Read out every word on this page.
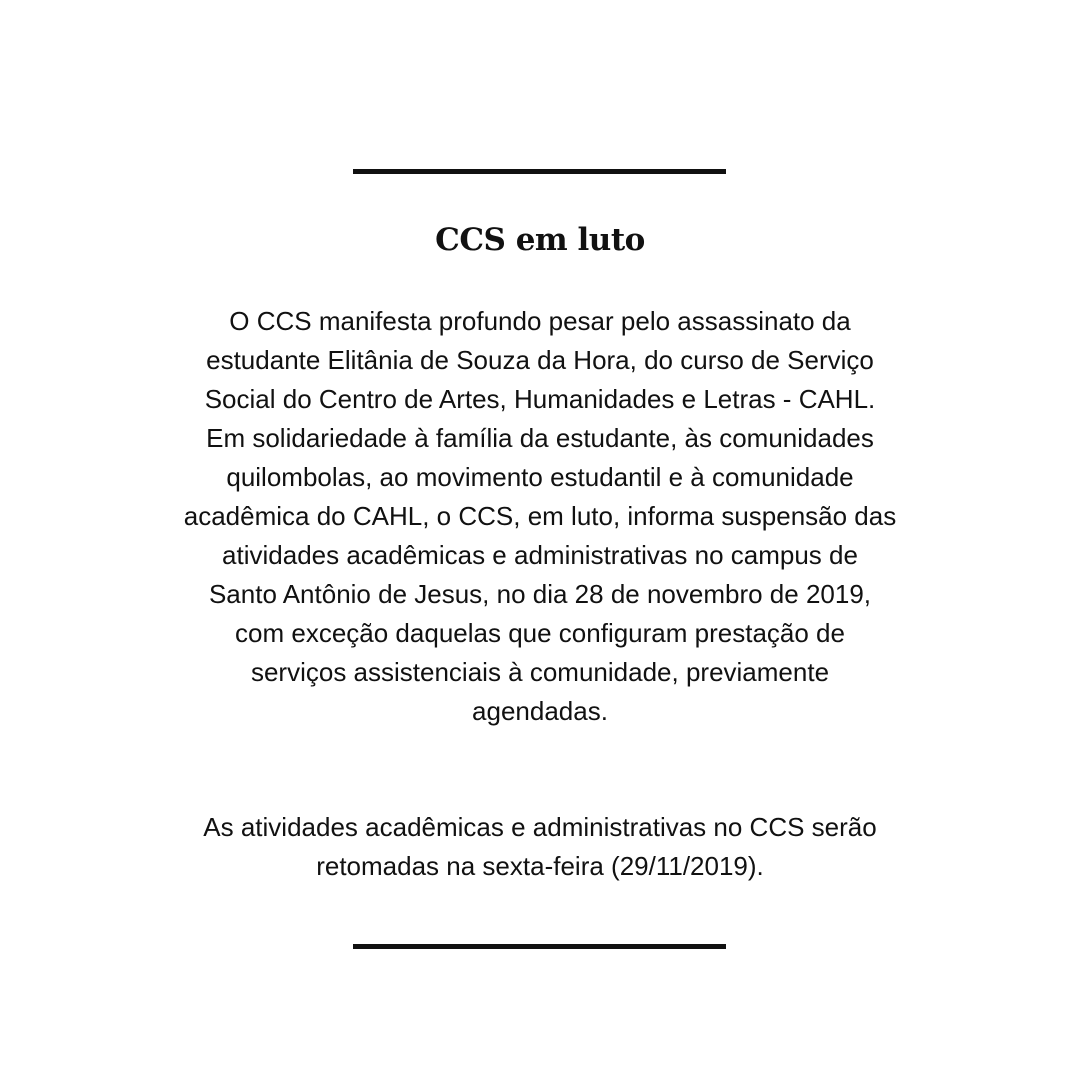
CCS em luto
O CCS manifesta profundo pesar pelo assassinato da
estudante Elitânia de Souza da Hora, do curso de Serviço
Social do Centro de Artes, Humanidades e Letras - CAHL.
Em solidariedade à família da estudante, às comunidades
quilombolas, ao movimento estudantil e à comunidade
acadêmica do CAHL, o CCS, em luto, informa suspensão das
atividades acadêmicas e administrativas no campus de
Santo Antônio de Jesus, no dia 28 de novembro de 2019,
com exceção daquelas que configuram prestação de
serviços assistenciais à comunidade, previamente
agendadas.
As atividades acadêmicas e administrativas no CCS serão
retomadas na sexta-feira (29/11/2019).
